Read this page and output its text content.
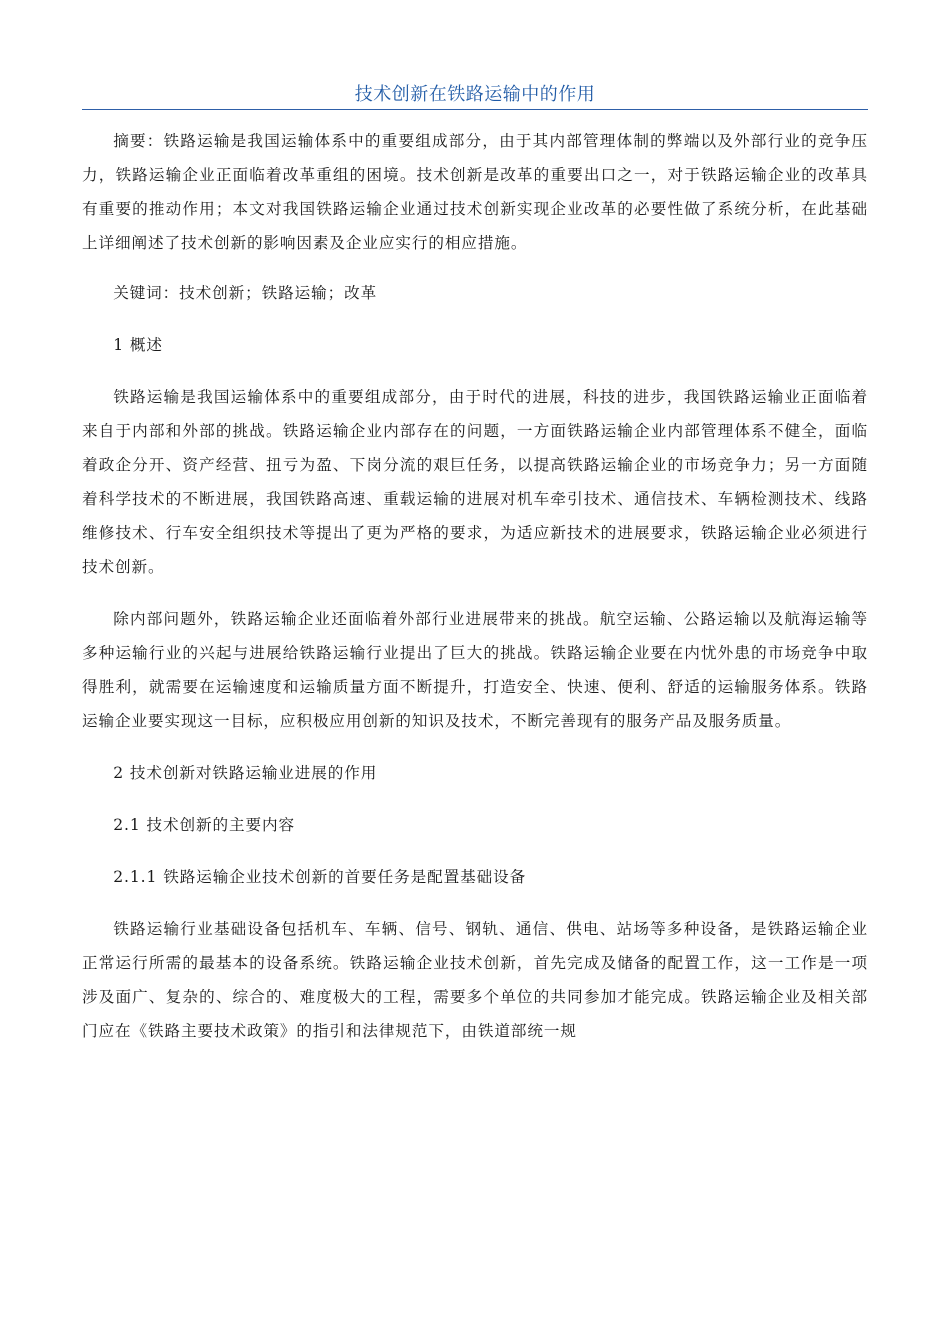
技术创新在铁路运输中的作用

摘要：铁路运输是我国运输体系中的重要组成部分，由于其内部管理体制的弊端以及外部行业的竞争压力，铁路运输企业正面临着改革重组的困境。技术创新是改革的重要出口之一，对于铁路运输企业的改革具有重要的推动作用；本文对我国铁路运输企业通过技术创新实现企业改革的必要性做了系统分析，在此基础上详细阐述了技术创新的影响因素及企业应实行的相应措施。

关键词：技术创新；铁路运输；改革

1 概述

铁路运输是我国运输体系中的重要组成部分，由于时代的进展，科技的进步，我国铁路运输业正面临着来自于内部和外部的挑战。铁路运输企业内部存在的问题，一方面铁路运输企业内部管理体系不健全，面临着政企分开、资产经营、扭亏为盈、下岗分流的艰巨任务，以提高铁路运输企业的市场竞争力；另一方面随着科学技术的不断进展，我国铁路高速、重载运输的进展对机车牵引技术、通信技术、车辆检测技术、线路维修技术、行车安全组织技术等提出了更为严格的要求，为适应新技术的进展要求，铁路运输企业必须进行技术创新。

除内部问题外，铁路运输企业还面临着外部行业进展带来的挑战。航空运输、公路运输以及航海运输等多种运输行业的兴起与进展给铁路运输行业提出了巨大的挑战。铁路运输企业要在内忧外患的市场竞争中取得胜利，就需要在运输速度和运输质量方面不断提升，打造安全、快速、便利、舒适的运输服务体系。铁路运输企业要实现这一目标，应积极应用创新的知识及技术，不断完善现有的服务产品及服务质量。

2 技术创新对铁路运输业进展的作用

2.1 技术创新的主要内容

2.1.1 铁路运输企业技术创新的首要任务是配置基础设备

铁路运输行业基础设备包括机车、车辆、信号、钢轨、通信、供电、站场等多种设备，是铁路运输企业正常运行所需的最基本的设备系统。铁路运输企业技术创新，首先完成及储备的配置工作，这一工作是一项涉及面广、复杂的、综合的、难度极大的工程，需要多个单位的共同参加才能完成。铁路运输企业及相关部门应在《铁路主要技术政策》的指引和法律规范下，由铁道部统一规
